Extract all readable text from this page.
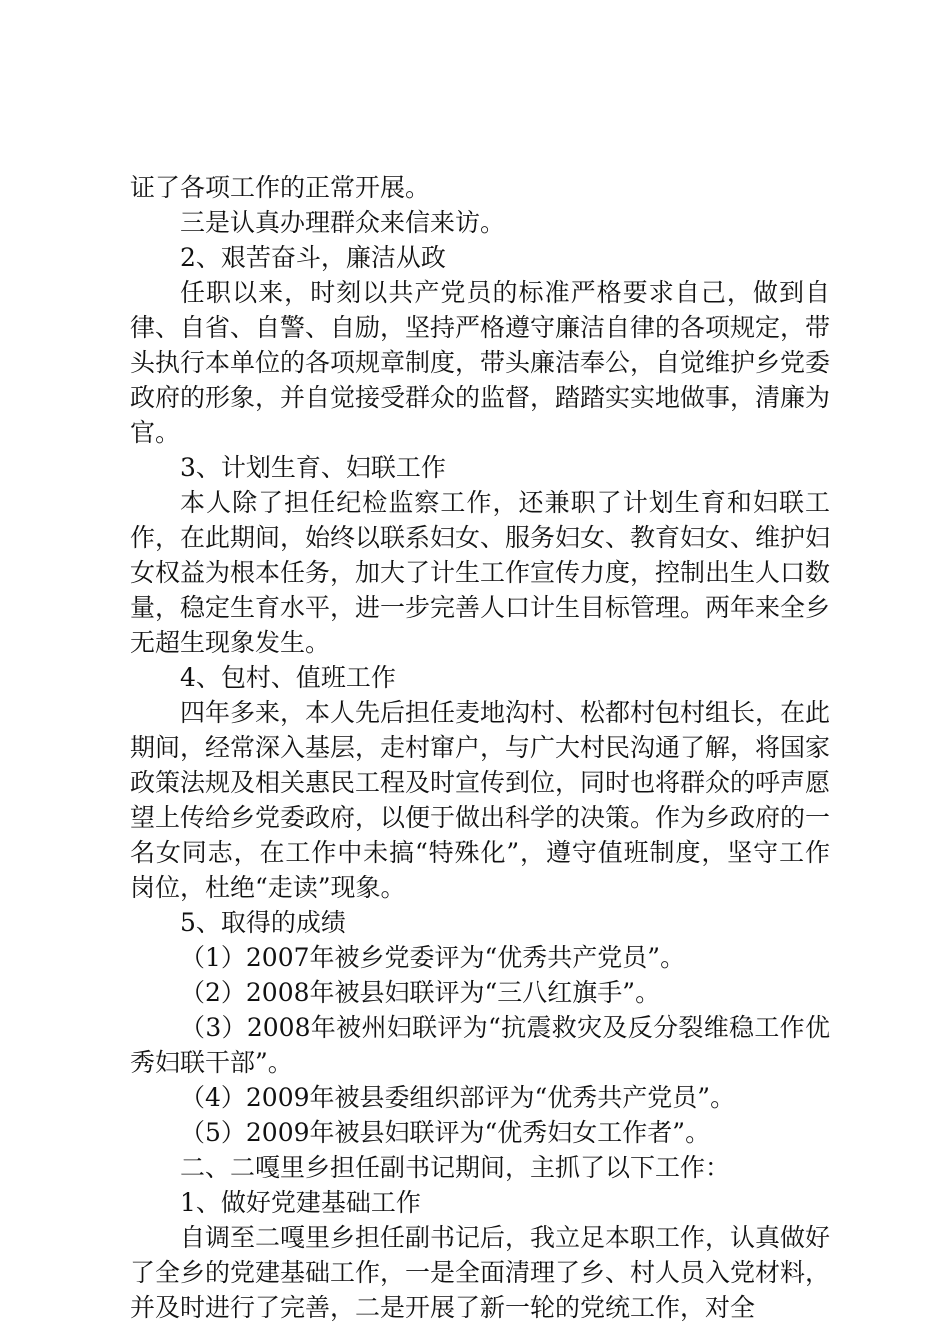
证了各项工作的正常开展。

三是认真办理群众来信来访。

2、艰苦奋斗，廉洁从政

任职以来，时刻以共产党员的标准严格要求自己，做到自律、自省、自警、自励，坚持严格遵守廉洁自律的各项规定，带头执行本单位的各项规章制度，带头廉洁奉公，自觉维护乡党委政府的形象，并自觉接受群众的监督，踏踏实实地做事，清廉为官。

3、计划生育、妇联工作

本人除了担任纪检监察工作，还兼职了计划生育和妇联工作，在此期间，始终以联系妇女、服务妇女、教育妇女、维护妇女权益为根本任务，加大了计生工作宣传力度，控制出生人口数量，稳定生育水平，进一步完善人口计生目标管理。两年来全乡无超生现象发生。

4、包村、值班工作

四年多来，本人先后担任麦地沟村、松都村包村组长，在此期间，经常深入基层，走村窜户，与广大村民沟通了解，将国家政策法规及相关惠民工程及时宣传到位，同时也将群众的呼声愿望上传给乡党委政府，以便于做出科学的决策。作为乡政府的一名女同志，在工作中未搞“特殊化”，遵守值班制度，坚守工作岗位，杜绝“走读”现象。

5、取得的成绩

（1）2007年被乡党委评为“优秀共产党员”。

（2）2008年被县妇联评为“三八红旗手”。

（3）2008年被州妇联评为“抗震救灾及反分裂维稳工作优秀妇联干部”。

（4）2009年被县委组织部评为“优秀共产党员”。

（5）2009年被县妇联评为“优秀妇女工作者”。

二、二嘎里乡担任副书记期间，主抓了以下工作：

1、做好党建基础工作

自调至二嘎里乡担任副书记后，我立足本职工作，认真做好了全乡的党建基础工作，一是全面清理了乡、村人员入党材料，并及时进行了完善，二是开展了新一轮的党统工作，对全
